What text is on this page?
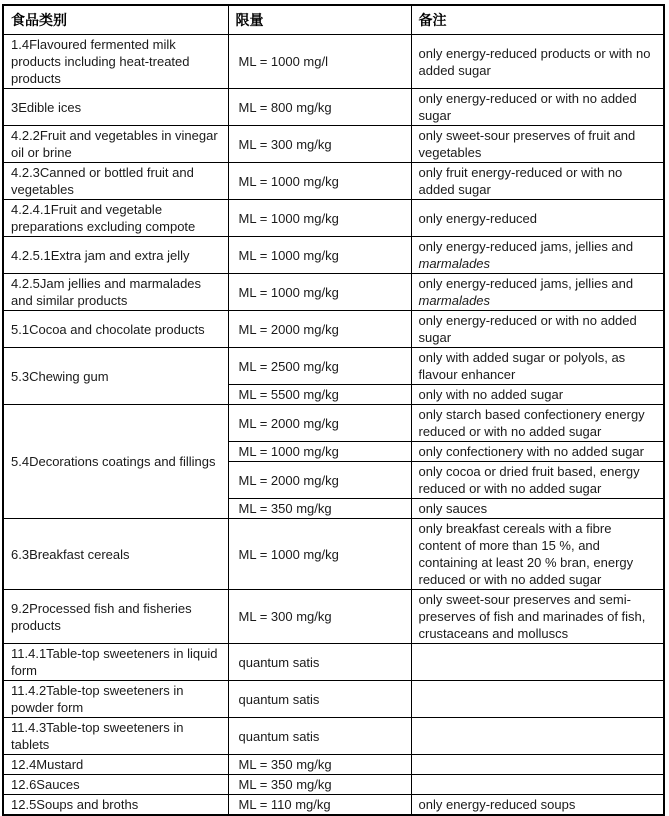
食品类别	限量	备注
1.4Flavoured fermented milk products including heat-treated products	ML = 1000 mg/l	only energy-reduced products or with no added sugar
3Edible ices	ML = 800 mg/kg	only energy-reduced or with no added sugar
4.2.2Fruit and vegetables in vinegar oil or brine	ML = 300 mg/kg	only sweet-sour preserves of fruit and vegetables
4.2.3Canned or bottled fruit and vegetables	ML = 1000 mg/kg	only fruit energy-reduced or with no added sugar
4.2.4.1Fruit and vegetable preparations excluding compote	ML = 1000 mg/kg	only energy-reduced
4.2.5.1Extra jam and extra jelly	ML = 1000 mg/kg	only energy-reduced jams, jellies and marmalades
4.2.5Jam jellies and marmalades and similar products	ML = 1000 mg/kg	only energy-reduced jams, jellies and marmalades
5.1Cocoa and chocolate products	ML = 2000 mg/kg	only energy-reduced or with no added sugar
5.3Chewing gum	ML = 2500 mg/kg	only with added sugar or polyols, as flavour enhancer
	ML = 5500 mg/kg	only with no added sugar
5.4Decorations coatings and fillings	ML = 2000 mg/kg	only starch based confectionery energy reduced or with no added sugar
	ML = 1000 mg/kg	only confectionery with no added sugar
	ML = 2000 mg/kg	only cocoa or dried fruit based, energy reduced or with no added sugar
	ML = 350 mg/kg	only sauces
6.3Breakfast cereals	ML = 1000 mg/kg	only breakfast cereals with a fibre content of more than 15 %, and containing at least 20 % bran, energy reduced or with no added sugar
9.2Processed fish and fisheries products	ML = 300 mg/kg	only sweet-sour preserves and semi-preserves of fish and marinades of fish, crustaceans and molluscs
11.4.1Table-top sweeteners in liquid form	quantum satis	
11.4.2Table-top sweeteners in powder form	quantum satis	
11.4.3Table-top sweeteners in tablets	quantum satis	
12.4Mustard	ML = 350 mg/kg	
12.6Sauces	ML = 350 mg/kg	
12.5Soups and broths	ML = 110 mg/kg	only energy-reduced soups
